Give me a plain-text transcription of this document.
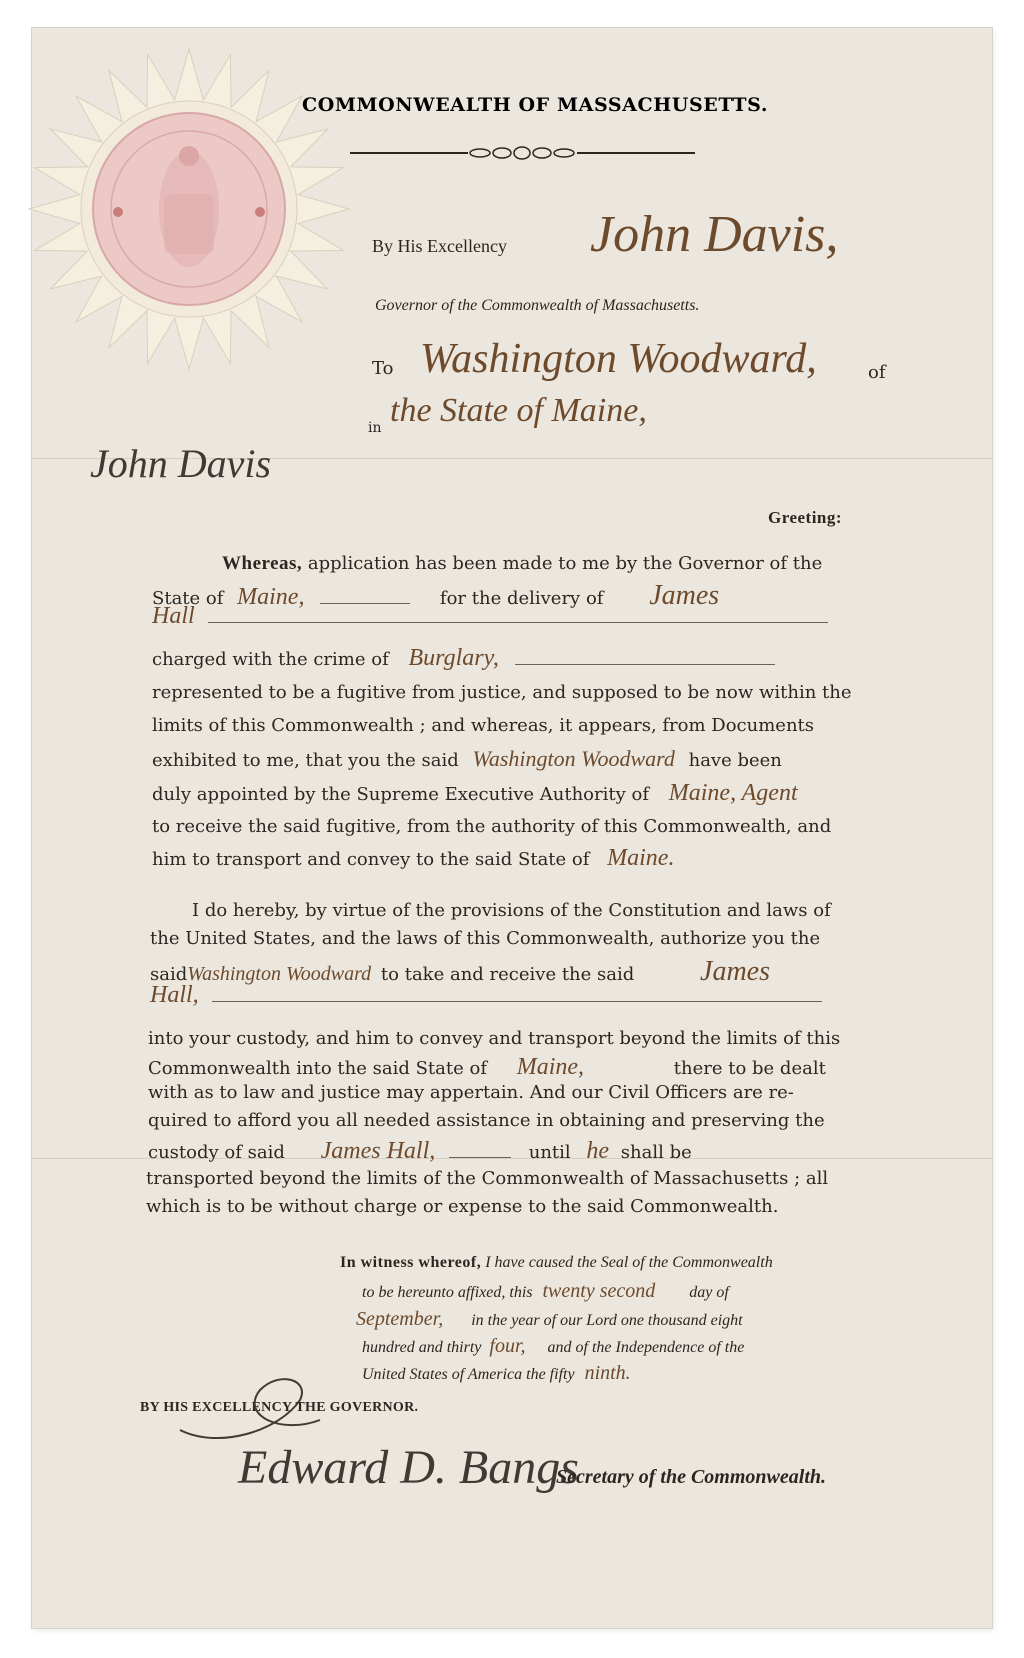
COMMONWEALTH OF MASSACHUSETTS.
By His Excellency John Davis,
Governor of the Commonwealth of Massachusetts.
To Washington Woodward,	of
in the State of Maine,
John Davis
Greeting:
Whereas, application has been made to me by the Governor of the
State of Maine,	for the delivery of James
Hall
charged with the crime of Burglary,
represented to be a fugitive from justice, and supposed to be now within the
limits of this Commonwealth ; and whereas, it appears, from Documents
exhibited to me, that you the said Washington Woodward have been
duly appointed by the Supreme Executive Authority of Maine, Agent
to receive the said fugitive, from the authority of this Commonwealth, and
him to transport and convey to the said State of Maine.
I do hereby, by virtue of the provisions of the Constitution and laws of
the United States, and the laws of this Commonwealth, authorize you the
saidWashington Woodward to take and receive the said James
Hall,
into your custody, and him to convey and transport beyond the limits of this
Commonwealth into the said State of Maine,	there to be dealt
with as to law and justice may appertain. And our Civil Officers are re-
quired to afford you all needed assistance in obtaining and preserving the
custody of said James Hall,	until he shall be
transported beyond the limits of the Commonwealth of Massachusetts ; all
which is to be without charge or expense to the said Commonwealth.
In witness whereof, I have caused the Seal of the Commonwealth
to be hereunto affixed, this twenty second day of
September, in the year of our Lord one thousand eight
hundred and thirty four, and of the Independence of the
United States of America the fifty ninth.
BY HIS EXCELLENCY THE GOVERNOR.
Edward D. Bangs
Secretary of the Commonwealth.
